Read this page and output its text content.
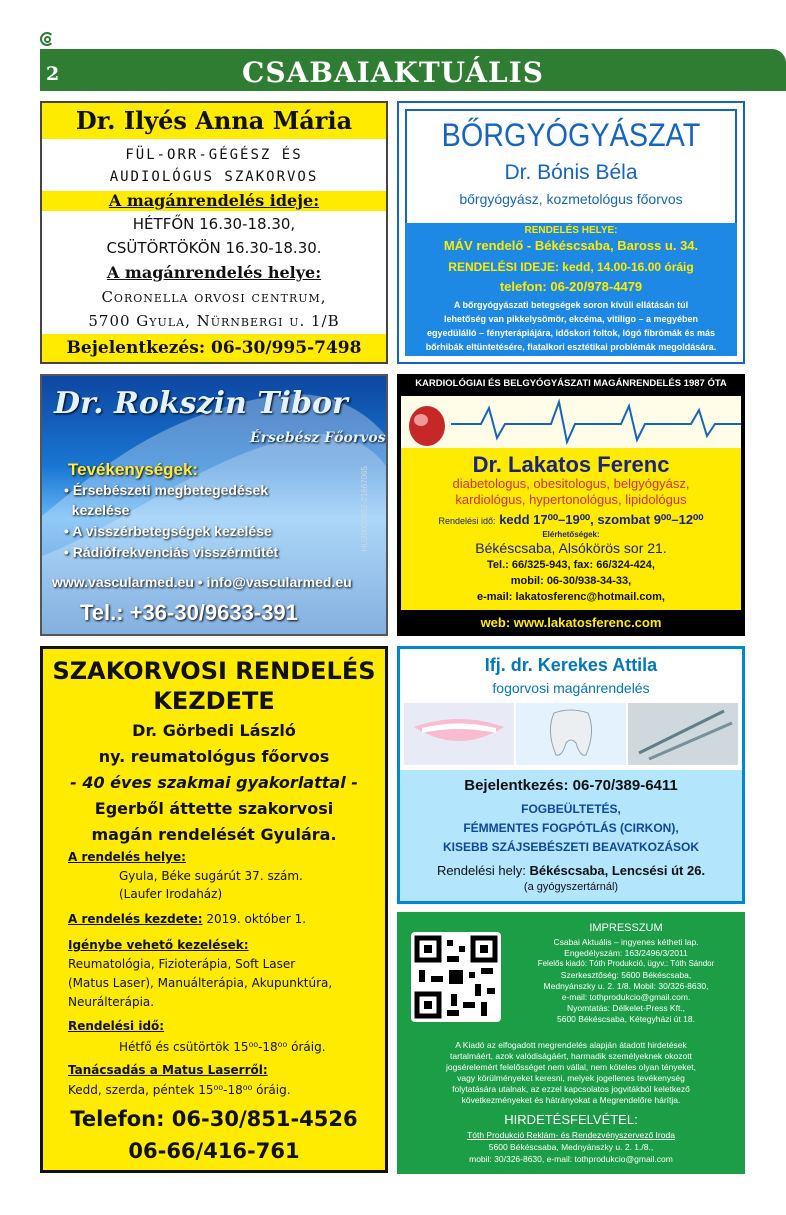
2	CSABAIAKTUÁLIS
Dr. Ilyés Anna Mária
FÜL-ORR-GÉGÉSZ ÉS
AUDIOLÓGUS SZAKORVOS
A magánrendelés ideje:
HÉTFŐN 16.30-18.30,
CSÜTÖRTÖKÖN 16.30-18.30.
A magánrendelés helye:
Coronella orvosi centrum,
5700 Gyula, Nürnbergi u. 1/B
Bejelentkezés: 06-30/995-7498
BŐRGYÓGYÁSZAT
Dr. Bónis Béla
bőrgyógyász, kozmetológus főorvos
RENDELÉS HELYE:
MÁV rendelő - Békéscsaba, Baross u. 34.
RENDELÉSI IDEJE: kedd, 14.00-16.00 óráig
telefon: 06-20/978-4479
A bőrgyógyászati betegségek soron kívüli ellátásán túl
lehetőség van pikkelysömör, ekcéma, vitiligo – a megyében
egyedülálló – fényterápiájára, időskori foltok, lógó fibrómák és más
bőrhibák eltüntetésére, fiatalkori esztétikai problémák megoldására.
Dr. Rokszin Tibor
Érsebész Főorvos
Tevékenységek:
• Érsebészeti megbetegedések
kezelése
• A visszérbetegségek kezelése
• Rádiófrekvenciás visszérműtét
HU20000882-21667065
www.vascularmed.eu • info@vascularmed.eu
Tel.: +36-30/9633-391
KARDIOLÓGIAI ÉS BELGYÓGYÁSZATI MAGÁNRENDELÉS 1987 ÓTA
Dr. Lakatos Ferenc
diabetologus, obesitologus, belgyógyász,
kardiológus, hypertonológus, lipidológus
Rendelési idő: kedd 17⁰⁰–19⁰⁰, szombat 9⁰⁰–12⁰⁰
Elérhetőségek:
Békéscsaba, Alsókörös sor 21.
Tel.: 66/325-943, fax: 66/324-424,
mobil: 06-30/938-34-33,
e-mail: lakatosferenc@hotmail.com,
web: www.lakatosferenc.com
SZAKORVOSI RENDELÉS
KEZDETE
Dr. Görbedi László
ny. reumatológus főorvos
- 40 éves szakmai gyakorlattal -
Egerből áttette szakorvosi
magán rendelését Gyulára.
A rendelés helye:
Gyula, Béke sugárút 37. szám.
(Laufer Irodaház)
A rendelés kezdete: 2019. október 1.
Igénybe vehető kezelések:
Reumatológia, Fizioterápia, Soft Laser
(Matus Laser), Manuálterápia, Akupunktúra,
Neurálterápia.
Rendelési idő:
Hétfő és csütörtök 15⁰⁰-18⁰⁰ óráig.
Tanácsadás a Matus Laserről:
Kedd, szerda, péntek 15⁰⁰-18⁰⁰ óráig.
Telefon: 06-30/851-4526
06-66/416-761
Ifj. dr. Kerekes Attila
fogorvosi magánrendelés
Bejelentkezés: 06-70/389-6411
FOGBEÜLTETÉS,
FÉMMENTES FOGPÓTLÁS (CIRKON),
KISEBB SZÁJSEBÉSZETI BEAVATKOZÁSOK
Rendelési hely: Békéscsaba, Lencsési út 26.
(a gyógyszertárnál)
IMPRESSZUM
Csabai Aktuális – ingyenes kétheti lap.
Engedélyszám: 163/2496/3/2011
Felelős kiadó: Tóth Produkció, ügyv.: Tóth Sándor
Szerkesztőség: 5600 Békéscsaba,
Mednyánszky u. 2. 1/8. Mobil: 30/326-8630,
e-mail: tothprodukcio@gmail.com.
Nyomtatás: Délkelet-Press Kft.,
5600 Békéscsaba, Kétegyházi út 18.
A Kiadó az elfogadott megrendelés alapján átadott hirdetések
tartalmáért, azok valódiságáért, harmadik személyeknek okozott
jogsérelemért felelősséget nem vállal, nem köteles olyan tényeket,
vagy körülményeket keresni, melyek jogellenes tevékenység
folytatására utalnak, az ezzel kapcsolatos jogvitákból keletkező
következményeket és hátrányokat a Megrendelőre hárítja.
HIRDETÉSFELVÉTEL:
Tóth Produkció Reklám- és Rendezvényszervező Iroda
5600 Békéscsaba, Mednyánszky u. 2. 1./8.,
mobil: 30/326-8630, e-mail: tothprodukcio@gmail.com
